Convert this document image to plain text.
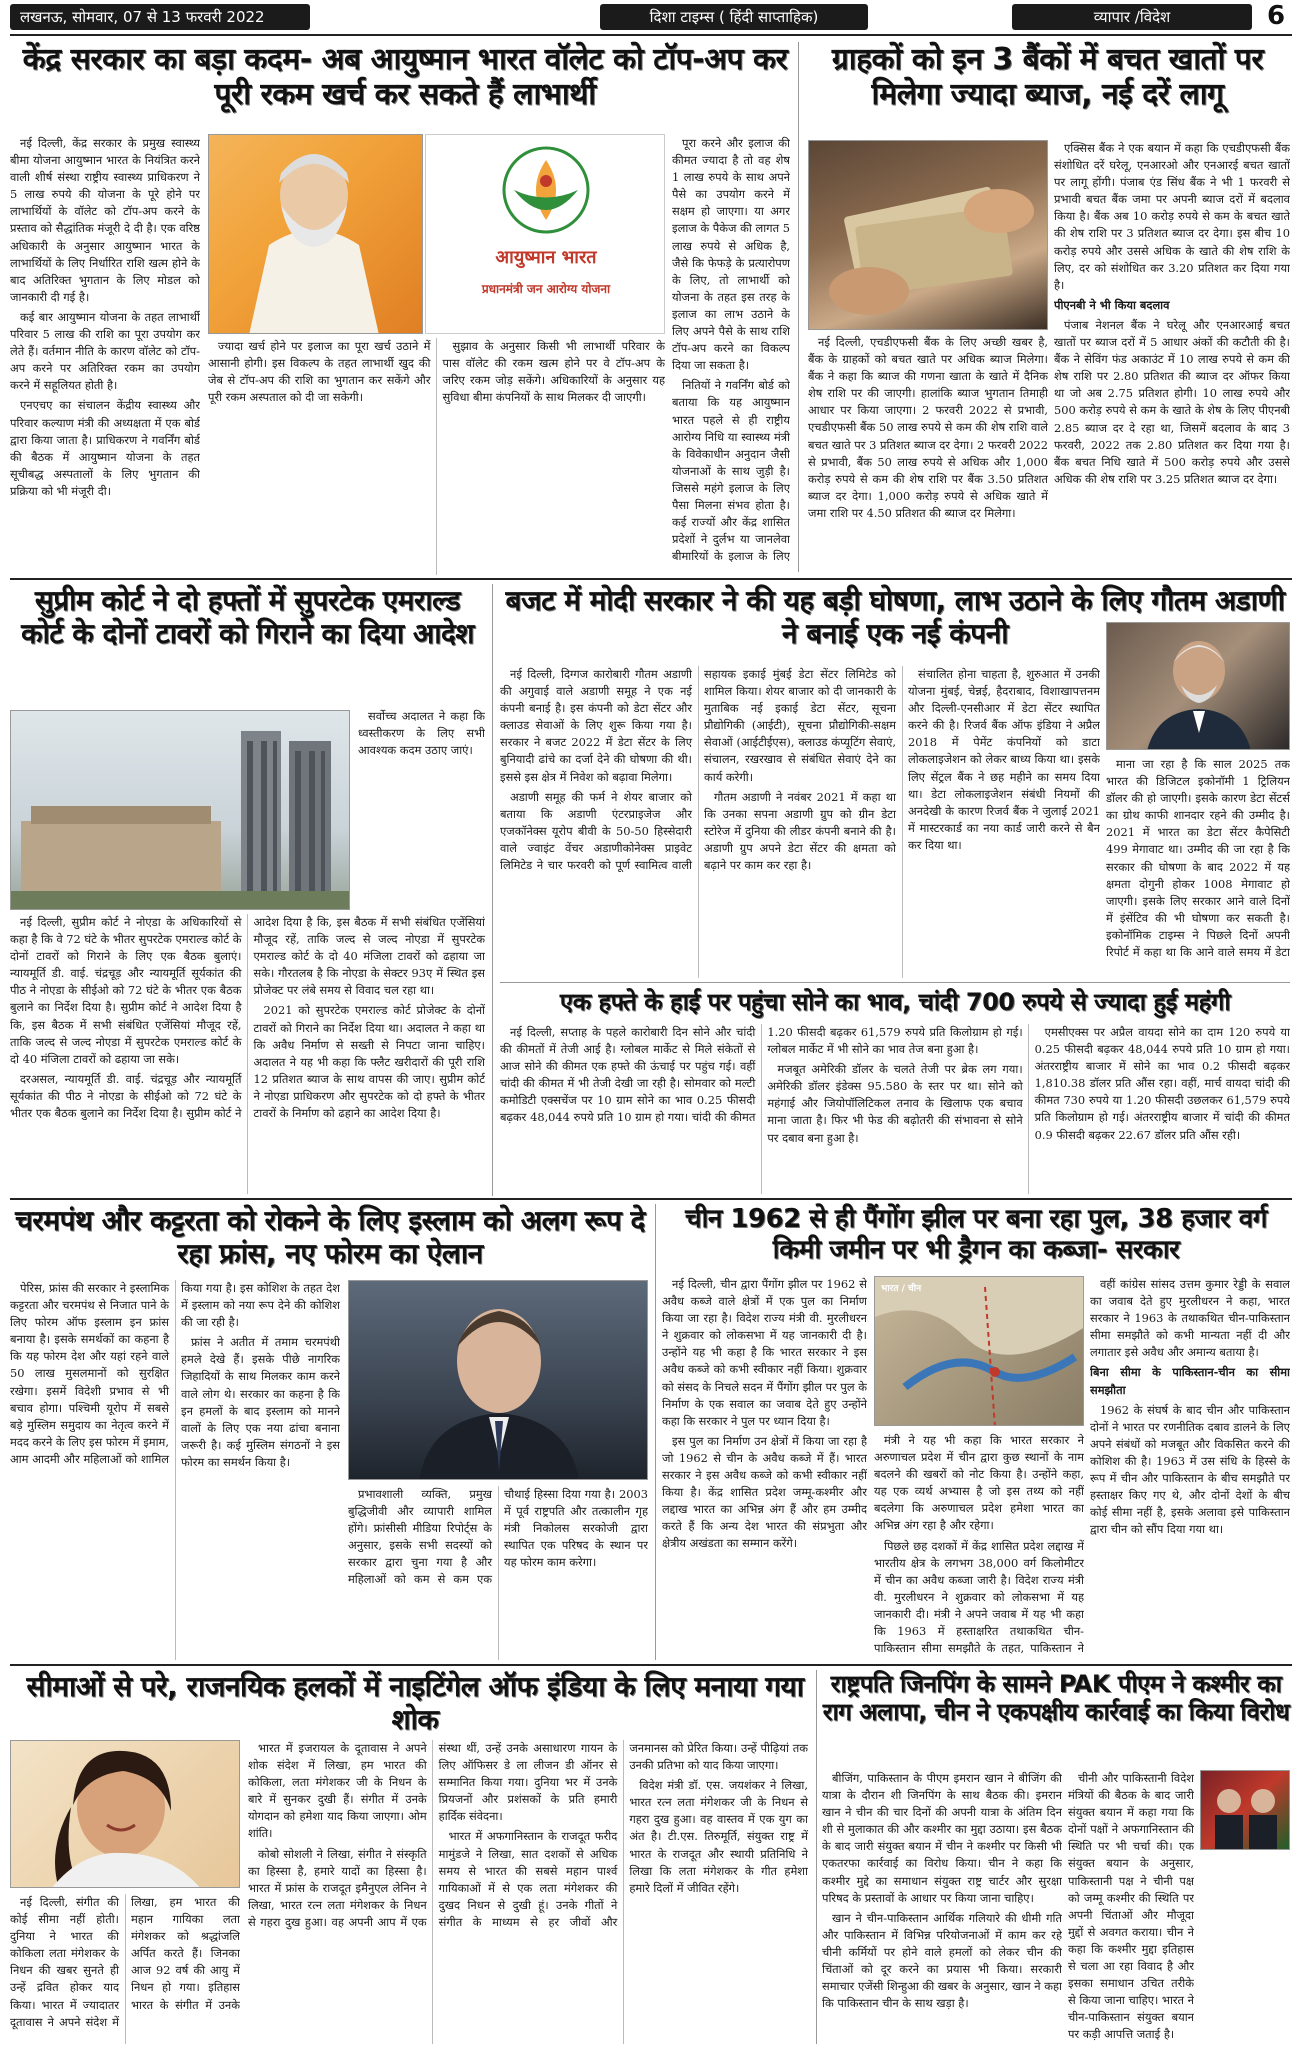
लखनऊ, सोमवार, 07 से 13 फरवरी 2022	दिशा टाइम्स ( हिंदी साप्ताहिक)	व्यापार /विदेश	6
केंद्र सरकार का बड़ा कदम- अब आयुष्मान भारत वॉलेट को टॉप-अप कर पूरी रकम खर्च कर सकते हैं लाभार्थी
आयुष्मान भारत
प्रधानमंत्री जन आरोग्य योजना

नई दिल्ली, केंद्र सरकार के प्रमुख स्वास्थ्य बीमा योजना आयुष्मान भारत के नियंत्रित करने वाली शीर्ष संस्था राष्ट्रीय स्वास्थ्य प्राधिकरण ने 5 लाख रुपये की योजना के पूरे होने पर लाभार्थियों के वॉलेट को टॉप-अप करने के प्रस्ताव को सैद्धांतिक मंजूरी दे दी है। एक वरिष्ठ अधिकारी के अनुसार आयुष्मान भारत के लाभार्थियों के लिए निर्धारित राशि खत्म होने के बाद अतिरिक्त भुगतान के लिए मोडल को जानकारी दी गई है।

कई बार आयुष्मान योजना के तहत लाभार्थी परिवार 5 लाख की राशि का पूरा उपयोग कर लेते हैं। वर्तमान नीति के कारण वॉलेट को टॉप-अप करने पर अतिरिक्त रकम का उपयोग करने में सहूलियत होती है।

एनएचए का संचालन केंद्रीय स्वास्थ्य और परिवार कल्याण मंत्री की अध्यक्षता में एक बोर्ड द्वारा किया जाता है। प्राधिकरण ने गवर्निंग बोर्ड की बैठक में आयुष्मान योजना के तहत सूचीबद्ध अस्पतालों के लिए भुगतान की प्रक्रिया को भी मंजूरी दी।

ज्यादा खर्च होने पर इलाज का पूरा खर्च उठाने में आसानी होगी। इस विकल्प के तहत लाभार्थी खुद की जेब से टॉप-अप की राशि का भुगतान कर सकेंगे और पूरी रकम अस्पताल को दी जा सकेगी।

सुझाव के अनुसार किसी भी लाभार्थी परिवार के पास वॉलेट की रकम खत्म होने पर वे टॉप-अप के जरिए रकम जोड़ सकेंगे। अधिकारियों के अनुसार यह सुविधा बीमा कंपनियों के साथ मिलकर दी जाएगी।

पूरा करने और इलाज की कीमत ज्यादा है तो वह शेष 1 लाख रुपये के साथ अपने पैसे का उपयोग करने में सक्षम हो जाएगा। या अगर इलाज के पैकेज की लागत 5 लाख रुपये से अधिक है, जैसे कि फेफड़े के प्रत्यारोपण के लिए, तो लाभार्थी को योजना के तहत इस तरह के इलाज का लाभ उठाने के लिए अपने पैसे के साथ राशि टॉप-अप करने का विकल्प दिया जा सकता है।

नितियों ने गवर्निंग बोर्ड को बताया कि यह आयुष्मान भारत पहले से ही राष्ट्रीय आरोग्य निधि या स्वास्थ्य मंत्री के विवेकाधीन अनुदान जैसी योजनाओं के साथ जुड़ी है। जिससे महंगे इलाज के लिए पैसा मिलना संभव होता है। कई राज्यों और केंद्र शासित प्रदेशों ने दुर्लभ या जानलेवा बीमारियों के इलाज के लिए

ग्राहकों को इन 3 बैंकों में बचत खातों पर मिलेगा ज्यादा ब्याज, नई दरें लागू

नई दिल्ली, एचडीएफसी बैंक के लिए अच्छी खबर है, बैंक के ग्राहकों को बचत खाते पर अधिक ब्याज मिलेगा। बैंक ने कहा कि ब्याज की गणना खाता के खाते में दैनिक शेष राशि पर की जाएगी। हालांकि ब्याज भुगतान तिमाही आधार पर किया जाएगा। 2 फरवरी 2022 से प्रभावी, एचडीएफसी बैंक 50 लाख रुपये से कम की शेष राशि वाले बचत खाते पर 3 प्रतिशत ब्याज दर देगा। 2 फरवरी 2022 से प्रभावी, बैंक 50 लाख रुपये से अधिक और 1,000 करोड़ रुपये से कम की शेष राशि पर बैंक 3.50 प्रतिशत ब्याज दर देगा। 1,000 करोड़ रुपये से अधिक खाते में जमा राशि पर 4.50 प्रतिशत की ब्याज दर मिलेगा।

एक्सिस बैंक ने एक बयान में कहा कि एचडीएफसी बैंक संशोधित दरें घरेलू, एनआरओ और एनआरई बचत खातों पर लागू होंगी। पंजाब एंड सिंध बैंक ने भी 1 फरवरी से प्रभावी बचत बैंक जमा पर अपनी ब्याज दरों में बदलाव किया है। बैंक अब 10 करोड़ रुपये से कम के बचत खाते की शेष राशि पर 3 प्रतिशत ब्याज दर देगा। इस बीच 10 करोड़ रुपये और उससे अधिक के खाते की शेष राशि के लिए, दर को संशोधित कर 3.20 प्रतिशत कर दिया गया है।

पीएनबी ने भी किया बदलाव

पंजाब नेशनल बैंक ने घरेलू और एनआरआई बचत खातों पर ब्याज दरों में 5 आधार अंकों की कटौती की है। बैंक ने सेविंग फंड अकाउंट में 10 लाख रुपये से कम की शेष राशि पर 2.80 प्रतिशत की ब्याज दर ऑफर किया था जो अब 2.75 प्रतिशत होगी। 10 लाख रुपये और 500 करोड़ रुपये से कम के खाते के शेष के लिए पीएनबी 2.85 ब्याज दर दे रहा था, जिसमें बदलाव के बाद 3 फरवरी, 2022 तक 2.80 प्रतिशत कर दिया गया है। बैंक बचत निधि खाते में 500 करोड़ रुपये और उससे अधिक की शेष राशि पर 3.25 प्रतिशत ब्याज दर देगा।

सुप्रीम कोर्ट ने दो हफ्तों में सुपरटेक एमराल्ड कोर्ट के दोनों टावरों को गिराने का दिया आदेश

सर्वोच्च अदालत ने कहा कि ध्वस्तीकरण के लिए सभी आवश्यक कदम उठाए जाएं।

नई दिल्ली, सुप्रीम कोर्ट ने नोएडा के अधिकारियों से कहा है कि वे 72 घंटे के भीतर सुपरटेक एमराल्ड कोर्ट के दोनों टावरों को गिराने के लिए एक बैठक बुलाएं। न्यायमूर्ति डी. वाई. चंद्रचूड़ और न्यायमूर्ति सूर्यकांत की पीठ ने नोएडा के सीईओ को 72 घंटे के भीतर एक बैठक बुलाने का निर्देश दिया है। सुप्रीम कोर्ट ने आदेश दिया है कि, इस बैठक में सभी संबंधित एजेंसियां मौजूद रहें, ताकि जल्द से जल्द नोएडा में सुपरटेक एमराल्ड कोर्ट के दो 40 मंजिला टावरों को ढहाया जा सके।

दरअसल, न्यायमूर्ति डी. वाई. चंद्रचूड़ और न्यायमूर्ति सूर्यकांत की पीठ ने नोएडा के सीईओ को 72 घंटे के भीतर एक बैठक बुलाने का निर्देश दिया है। सुप्रीम कोर्ट ने आदेश दिया है कि, इस बैठक में सभी संबंधित एजेंसियां मौजूद रहें, ताकि जल्द से जल्द नोएडा में सुपरटेक एमराल्ड कोर्ट के दो 40 मंजिला टावरों को ढहाया जा सके। गौरतलब है कि नोएडा के सेक्टर 93ए में स्थित इस प्रोजेक्ट पर लंबे समय से विवाद चल रहा था।

2021 को सुपरटेक एमराल्ड कोर्ट प्रोजेक्ट के दोनों टावरों को गिराने का निर्देश दिया था। अदालत ने कहा था कि अवैध निर्माण से सख्ती से निपटा जाना चाहिए। अदालत ने यह भी कहा कि फ्लैट खरीदारों की पूरी राशि 12 प्रतिशत ब्याज के साथ वापस की जाए। सुप्रीम कोर्ट ने नोएडा प्राधिकरण और सुपरटेक को दो हफ्ते के भीतर टावरों के निर्माण को ढहाने का आदेश दिया है।

बजट में मोदी सरकार ने की यह बड़ी घोषणा, लाभ उठाने के लिए गौतम अडाणी ने बनाई एक नई कंपनी

नई दिल्ली, दिग्गज कारोबारी गौतम अडाणी की अगुवाई वाले अडाणी समूह ने एक नई कंपनी बनाई है। इस कंपनी को डेटा सेंटर और क्लाउड सेवाओं के लिए शुरू किया गया है। सरकार ने बजट 2022 में डेटा सेंटर के लिए बुनियादी ढांचे का दर्जा देने की घोषणा की थी। इससे इस क्षेत्र में निवेश को बढ़ावा मिलेगा।

अडाणी समूह की फर्म ने शेयर बाजार को बताया कि अडाणी एंटरप्राइजेज और एजकॉनेक्स यूरोप बीवी के 50-50 हिस्सेदारी वाले ज्वाइंट वेंचर अडाणीकोनेक्स प्राइवेट लिमिटेड ने चार फरवरी को पूर्ण स्वामित्व वाली सहायक इकाई मुंबई डेटा सेंटर लिमिटेड को शामिल किया। शेयर बाजार को दी जानकारी के मुताबिक नई इकाई डेटा सेंटर, सूचना प्रौद्योगिकी (आईटी), सूचना प्रौद्योगिकी-सक्षम सेवाओं (आईटीईएस), क्लाउड कंप्यूटिंग सेवाएं, संचालन, रखरखाव से संबंधित सेवाएं देने का कार्य करेगी।

गौतम अडाणी ने नवंबर 2021 में कहा था कि उनका सपना अडाणी ग्रुप को ग्रीन डेटा स्टोरेज में दुनिया की लीडर कंपनी बनाने की है। अडाणी ग्रुप अपने डेटा सेंटर की क्षमता को बढ़ाने पर काम कर रहा है।

संचालित होना चाहता है, शुरुआत में उनकी योजना मुंबई, चेन्नई, हैदराबाद, विशाखापत्तनम और दिल्ली-एनसीआर में डेटा सेंटर स्थापित करने की है। रिजर्व बैंक ऑफ इंडिया ने अप्रैल 2018 में पेमेंट कंपनियों को डाटा लोकलाइजेशन को लेकर बाध्य किया था। इसके लिए सेंट्रल बैंक ने छह महीने का समय दिया था। डेटा लोकलाइजेशन संबंधी नियमों की अनदेखी के कारण रिजर्व बैंक ने जुलाई 2021 में मास्टरकार्ड का नया कार्ड जारी करने से बैन कर दिया था।

माना जा रहा है कि साल 2025 तक भारत की डिजिटल इकोनॉमी 1 ट्रिलियन डॉलर की हो जाएगी। इसके कारण डेटा सेंटर्स का ग्रोथ काफी शानदार रहने की उम्मीद है। 2021 में भारत का डेटा सेंटर कैपेसिटी 499 मेगावाट था। उम्मीद की जा रहा है कि सरकार की घोषणा के बाद 2022 में यह क्षमता दोगुनी होकर 1008 मेगावाट हो जाएगी। इसके लिए सरकार आने वाले दिनों में इंसेंटिव की भी घोषणा कर सकती है। इकोनॉमिक टाइम्स ने पिछले दिनों अपनी रिपोर्ट में कहा था कि आने वाले समय में डेटा

एक हफ्ते के हाई पर पहुंचा सोने का भाव, चांदी 700 रुपये से ज्यादा हुई महंगी

नई दिल्ली, सप्ताह के पहले कारोबारी दिन सोने और चांदी की कीमतों में तेजी आई है। ग्लोबल मार्केट से मिले संकेतों से आज सोने की कीमत एक हफ्ते की ऊंचाई पर पहुंच गई। वहीं चांदी की कीमत में भी तेजी देखी जा रही है। सोमवार को मल्टी कमोडिटी एक्सचेंज पर 10 ग्राम सोने का भाव 0.25 फीसदी बढ़कर 48,044 रुपये प्रति 10 ग्राम हो गया। चांदी की कीमत 1.20 फीसदी बढ़कर 61,579 रुपये प्रति किलोग्राम हो गई। ग्लोबल मार्केट में भी सोने का भाव तेज बना हुआ है।

मजबूत अमेरिकी डॉलर के चलते तेजी पर ब्रेक लग गया। अमेरिकी डॉलर इंडेक्स 95.580 के स्तर पर था। सोने को महंगाई और जियोपॉलिटिकल तनाव के खिलाफ एक बचाव माना जाता है। फिर भी फेड की बढ़ोतरी की संभावना से सोने पर दबाव बना हुआ है।

एमसीएक्स पर अप्रैल वायदा सोने का दाम 120 रुपये या 0.25 फीसदी बढ़कर 48,044 रुपये प्रति 10 ग्राम हो गया। अंतरराष्ट्रीय बाजार में सोने का भाव 0.2 फीसदी बढ़कर 1,810.38 डॉलर प्रति औंस रहा। वहीं, मार्च वायदा चांदी की कीमत 730 रुपये या 1.20 फीसदी उछलकर 61,579 रुपये प्रति किलोग्राम हो गई। अंतरराष्ट्रीय बाजार में चांदी की कीमत 0.9 फीसदी बढ़कर 22.67 डॉलर प्रति औंस रही।

चरमपंथ और कट्टरता को रोकने के लिए इस्लाम को अलग रूप दे रहा फ्रांस, नए फोरम का ऐलान

पेरिस, फ्रांस की सरकार ने इस्लामिक कट्टरता और चरमपंथ से निजात पाने के लिए फोरम ऑफ इस्लाम इन फ्रांस बनाया है। इसके समर्थकों का कहना है कि यह फोरम देश और यहां रहने वाले 50 लाख मुसलमानों को सुरक्षित रखेगा। इसमें विदेशी प्रभाव से भी बचाव होगा। पश्चिमी यूरोप में सबसे बड़े मुस्लिम समुदाय का नेतृत्व करने में मदद करने के लिए इस फोरम में इमाम, आम आदमी और महिलाओं को शामिल किया गया है। इस कोशिश के तहत देश में इस्लाम को नया रूप देने की कोशिश की जा रही है।

फ्रांस ने अतीत में तमाम चरमपंथी हमले देखे हैं। इसके पीछे नागरिक जिहादियों के साथ मिलकर काम करने वाले लोग थे। सरकार का कहना है कि इन हमलों के बाद इस्लाम को मानने वालों के लिए एक नया ढांचा बनाना जरूरी है। कई मुस्लिम संगठनों ने इस फोरम का समर्थन किया है।

प्रभावशाली व्यक्ति, प्रमुख बुद्धिजीवी और व्यापारी शामिल होंगे। फ्रांसीसी मीडिया रिपोर्ट्स के अनुसार, इसके सभी सदस्यों को सरकार द्वारा चुना गया है और महिलाओं को कम से कम एक चौथाई हिस्सा दिया गया है। 2003 में पूर्व राष्ट्रपति और तत्कालीन गृह मंत्री निकोलस सरकोजी द्वारा स्थापित एक परिषद के स्थान पर यह फोरम काम करेगा।

चीन 1962 से ही पैंगोंग झील पर बना रहा पुल, 38 हजार वर्ग किमी जमीन पर भी ड्रैगन का कब्जा- सरकार

नई दिल्ली, चीन द्वारा पैंगोंग झील पर 1962 से अवैध कब्जे वाले क्षेत्रों में एक पुल का निर्माण किया जा रहा है। विदेश राज्य मंत्री वी. मुरलीधरन ने शुक्रवार को लोकसभा में यह जानकारी दी है। उन्होंने यह भी कहा है कि भारत सरकार ने इस अवैध कब्जे को कभी स्वीकार नहीं किया। शुक्रवार को संसद के निचले सदन में पैंगोंग झील पर पुल के निर्माण के एक सवाल का जवाब देते हुए उन्होंने कहा कि सरकार ने पुल पर ध्यान दिया है।

इस पुल का निर्माण उन क्षेत्रों में किया जा रहा है जो 1962 से चीन के अवैध कब्जे में हैं। भारत सरकार ने इस अवैध कब्जे को कभी स्वीकार नहीं किया है। केंद्र शासित प्रदेश जम्मू-कश्मीर और लद्दाख भारत का अभिन्न अंग हैं और हम उम्मीद करते हैं कि अन्य देश भारत की संप्रभुता और क्षेत्रीय अखंडता का सम्मान करेंगे।

भारत / चीन

मंत्री ने यह भी कहा कि भारत सरकार ने अरुणाचल प्रदेश में चीन द्वारा कुछ स्थानों के नाम बदलने की खबरों को नोट किया है। उन्होंने कहा, यह एक व्यर्थ अभ्यास है जो इस तथ्य को नहीं बदलेगा कि अरुणाचल प्रदेश हमेशा भारत का अभिन्न अंग रहा है और रहेगा।

पिछले छह दशकों में केंद्र शासित प्रदेश लद्दाख में भारतीय क्षेत्र के लगभग 38,000 वर्ग किलोमीटर में चीन का अवैध कब्जा जारी है। विदेश राज्य मंत्री वी. मुरलीधरन ने शुक्रवार को लोकसभा में यह जानकारी दी। मंत्री ने अपने जवाब में यह भी कहा कि 1963 में हस्ताक्षरित तथाकथित चीन-पाकिस्तान सीमा समझौते के तहत, पाकिस्तान ने

वहीं कांग्रेस सांसद उत्तम कुमार रेड्डी के सवाल का जवाब देते हुए मुरलीधरन ने कहा, भारत सरकार ने 1963 के तथाकथित चीन-पाकिस्तान सीमा समझौते को कभी मान्यता नहीं दी और लगातार इसे अवैध और अमान्य बताया है।

बिना सीमा के पाकिस्तान-चीन का सीमा समझौता

1962 के संघर्ष के बाद चीन और पाकिस्तान दोनों ने भारत पर रणनीतिक दबाव डालने के लिए अपने संबंधों को मजबूत और विकसित करने की कोशिश की है। 1963 में उस संधि के हिस्से के रूप में चीन और पाकिस्तान के बीच समझौते पर हस्ताक्षर किए गए थे, और दोनों देशों के बीच कोई सीमा नहीं है, इसके अलावा इसे पाकिस्तान द्वारा चीन को सौंप दिया गया था।

सीमाओं से परे, राजनयिक हलकों में नाइटिंगेल ऑफ इंडिया के लिए मनाया गया शोक

नई दिल्ली, संगीत की कोई सीमा नहीं होती। दुनिया ने भारत की कोकिला लता मंगेशकर के निधन की खबर सुनते ही उन्हें द्रवित होकर याद किया। भारत में ज्यादातर दूतावास ने अपने संदेश में लिखा, हम भारत की महान गायिका लता मंगेशकर को श्रद्धांजलि अर्पित करते हैं। जिनका आज 92 वर्ष की आयु में निधन हो गया। इतिहास भारत के संगीत में उनके

भारत में इजरायल के दूतावास ने अपने शोक संदेश में लिखा, हम भारत की कोकिला, लता मंगेशकर जी के निधन के बारे में सुनकर दुखी हैं। संगीत में उनके योगदान को हमेशा याद किया जाएगा। ओम शांति।

कोबो सोशली ने लिखा, संगीत ने संस्कृति का हिस्सा है, हमारे यादों का हिस्सा है। भारत में फ्रांस के राजदूत इमैनुएल लेनिन ने लिखा, भारत रत्न लता मंगेशकर के निधन से गहरा दुख हुआ। वह अपनी आप में एक संस्था थीं, उन्हें उनके असाधारण गायन के लिए ऑफिसर डे ला लीजन डी ऑनर से सम्मानित किया गया। दुनिया भर में उनके प्रियजनों और प्रशंसकों के प्रति हमारी हार्दिक संवेदना।

भारत में अफगानिस्तान के राजदूत फरीद मामुंडजे ने लिखा, सात दशकों से अधिक समय से भारत की सबसे महान पार्श्व गायिकाओं में से एक लता मंगेशकर की दुखद निधन से दुखी हूं। उनके गीतों ने संगीत के माध्यम से हर जीवों और जनमानस को प्रेरित किया। उन्हें पीढ़ियां तक उनकी प्रतिभा को याद किया जाएगा।

विदेश मंत्री डॉ. एस. जयशंकर ने लिखा, भारत रत्न लता मंगेशकर जी के निधन से गहरा दुख हुआ। वह वास्तव में एक युग का अंत है। टी.एस. तिरुमूर्ति, संयुक्त राष्ट्र में भारत के राजदूत और स्थायी प्रतिनिधि ने लिखा कि लता मंगेशकर के गीत हमेशा हमारे दिलों में जीवित रहेंगे।

राष्ट्रपति जिनपिंग के सामने PAK पीएम ने कश्मीर का राग अलापा, चीन ने एकपक्षीय कार्रवाई का किया विरोध

बीजिंग, पाकिस्तान के पीएम इमरान खान ने बीजिंग की यात्रा के दौरान शी जिनपिंग के साथ बैठक की। इमरान खान ने चीन की चार दिनों की अपनी यात्रा के अंतिम दिन शी से मुलाकात की और कश्मीर का मुद्दा उठाया। इस बैठक के बाद जारी संयुक्त बयान में चीन ने कश्मीर पर किसी भी एकतरफा कार्रवाई का विरोध किया। चीन ने कहा कि कश्मीर मुद्दे का समाधान संयुक्त राष्ट्र चार्टर और सुरक्षा परिषद के प्रस्तावों के आधार पर किया जाना चाहिए।

खान ने चीन-पाकिस्तान आर्थिक गलियारे की धीमी गति और पाकिस्तान में विभिन्न परियोजनाओं में काम कर रहे चीनी कर्मियों पर होने वाले हमलों को लेकर चीन की चिंताओं को दूर करने का प्रयास भी किया। सरकारी समाचार एजेंसी शिन्हुआ की खबर के अनुसार, खान ने कहा कि पाकिस्तान चीन के साथ खड़ा है।

चीनी और पाकिस्तानी विदेश मंत्रियों की बैठक के बाद जारी संयुक्त बयान में कहा गया कि दोनों पक्षों ने अफगानिस्तान की स्थिति पर भी चर्चा की। एक संयुक्त बयान के अनुसार, पाकिस्तानी पक्ष ने चीनी पक्ष को जम्मू कश्मीर की स्थिति पर अपनी चिंताओं और मौजूदा मुद्दों से अवगत कराया। चीन ने कहा कि कश्मीर मुद्दा इतिहास से चला आ रहा विवाद है और इसका समाधान उचित तरीके से किया जाना चाहिए। भारत ने चीन-पाकिस्तान संयुक्त बयान पर कड़ी आपत्ति जताई है।
